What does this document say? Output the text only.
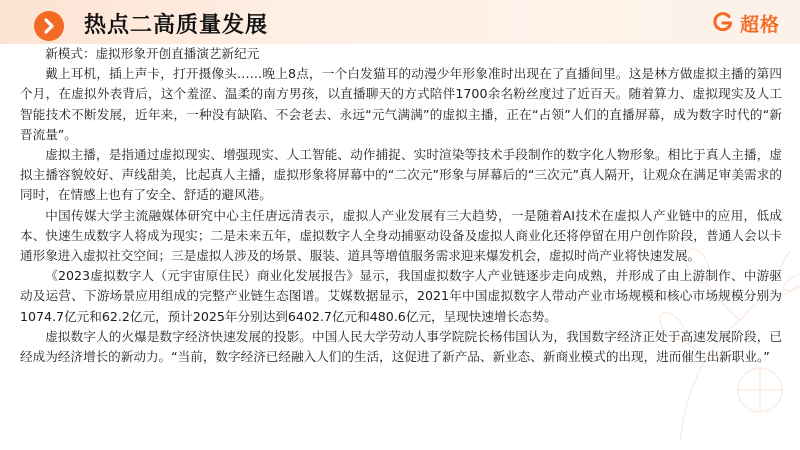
热点二高质量发展	超格

新模式：虚拟形象开创直播演艺新纪元

戴上耳机，插上声卡，打开摄像头……晚上8点，一个白发猫耳的动漫少年形象准时出现在了直播间里。这是林方做虚拟主播的第四个月，在虚拟外表背后，这个羞涩、温柔的南方男孩，以直播聊天的方式陪伴1700余名粉丝度过了近百天。随着算力、虚拟现实及人工智能技术不断发展，近年来，一种没有缺陷、不会老去、永远“元气满满”的虚拟主播，正在“占领”人们的直播屏幕，成为数字时代的“新晋流量”。

虚拟主播，是指通过虚拟现实、增强现实、人工智能、动作捕捉、实时渲染等技术手段制作的数字化人物形象。相比于真人主播，虚拟主播容貌姣好、声线甜美，比起真人主播，虚拟形象将屏幕中的“二次元”形象与屏幕后的“三次元”真人隔开，让观众在满足审美需求的同时，在情感上也有了安全、舒适的避风港。

中国传媒大学主流融媒体研究中心主任唐远清表示，虚拟人产业发展有三大趋势，一是随着AI技术在虚拟人产业链中的应用，低成本、快速生成数字人将成为现实；二是未来五年，虚拟数字人全身动捕驱动设备及虚拟人商业化还将停留在用户创作阶段，普通人会以卡通形象进入虚拟社交空间；三是虚拟人涉及的场景、服装、道具等增值服务需求迎来爆发机会，虚拟时尚产业将快速发展。

《2023虚拟数字人（元宇宙原住民）商业化发展报告》显示，我国虚拟数字人产业链逐步走向成熟，并形成了由上游制作、中游驱动及运营、下游场景应用组成的完整产业链生态图谱。艾媒数据显示，2021年中国虚拟数字人带动产业市场规模和核心市场规模分别为1074.7亿元和62.2亿元，预计2025年分别达到6402.7亿元和480.6亿元，呈现快速增长态势。

虚拟数字人的火爆是数字经济快速发展的投影。中国人民大学劳动人事学院院长杨伟国认为，我国数字经济正处于高速发展阶段，已经成为经济增长的新动力。“当前，数字经济已经融入人们的生活，这促进了新产品、新业态、新商业模式的出现，进而催生出新职业。”
